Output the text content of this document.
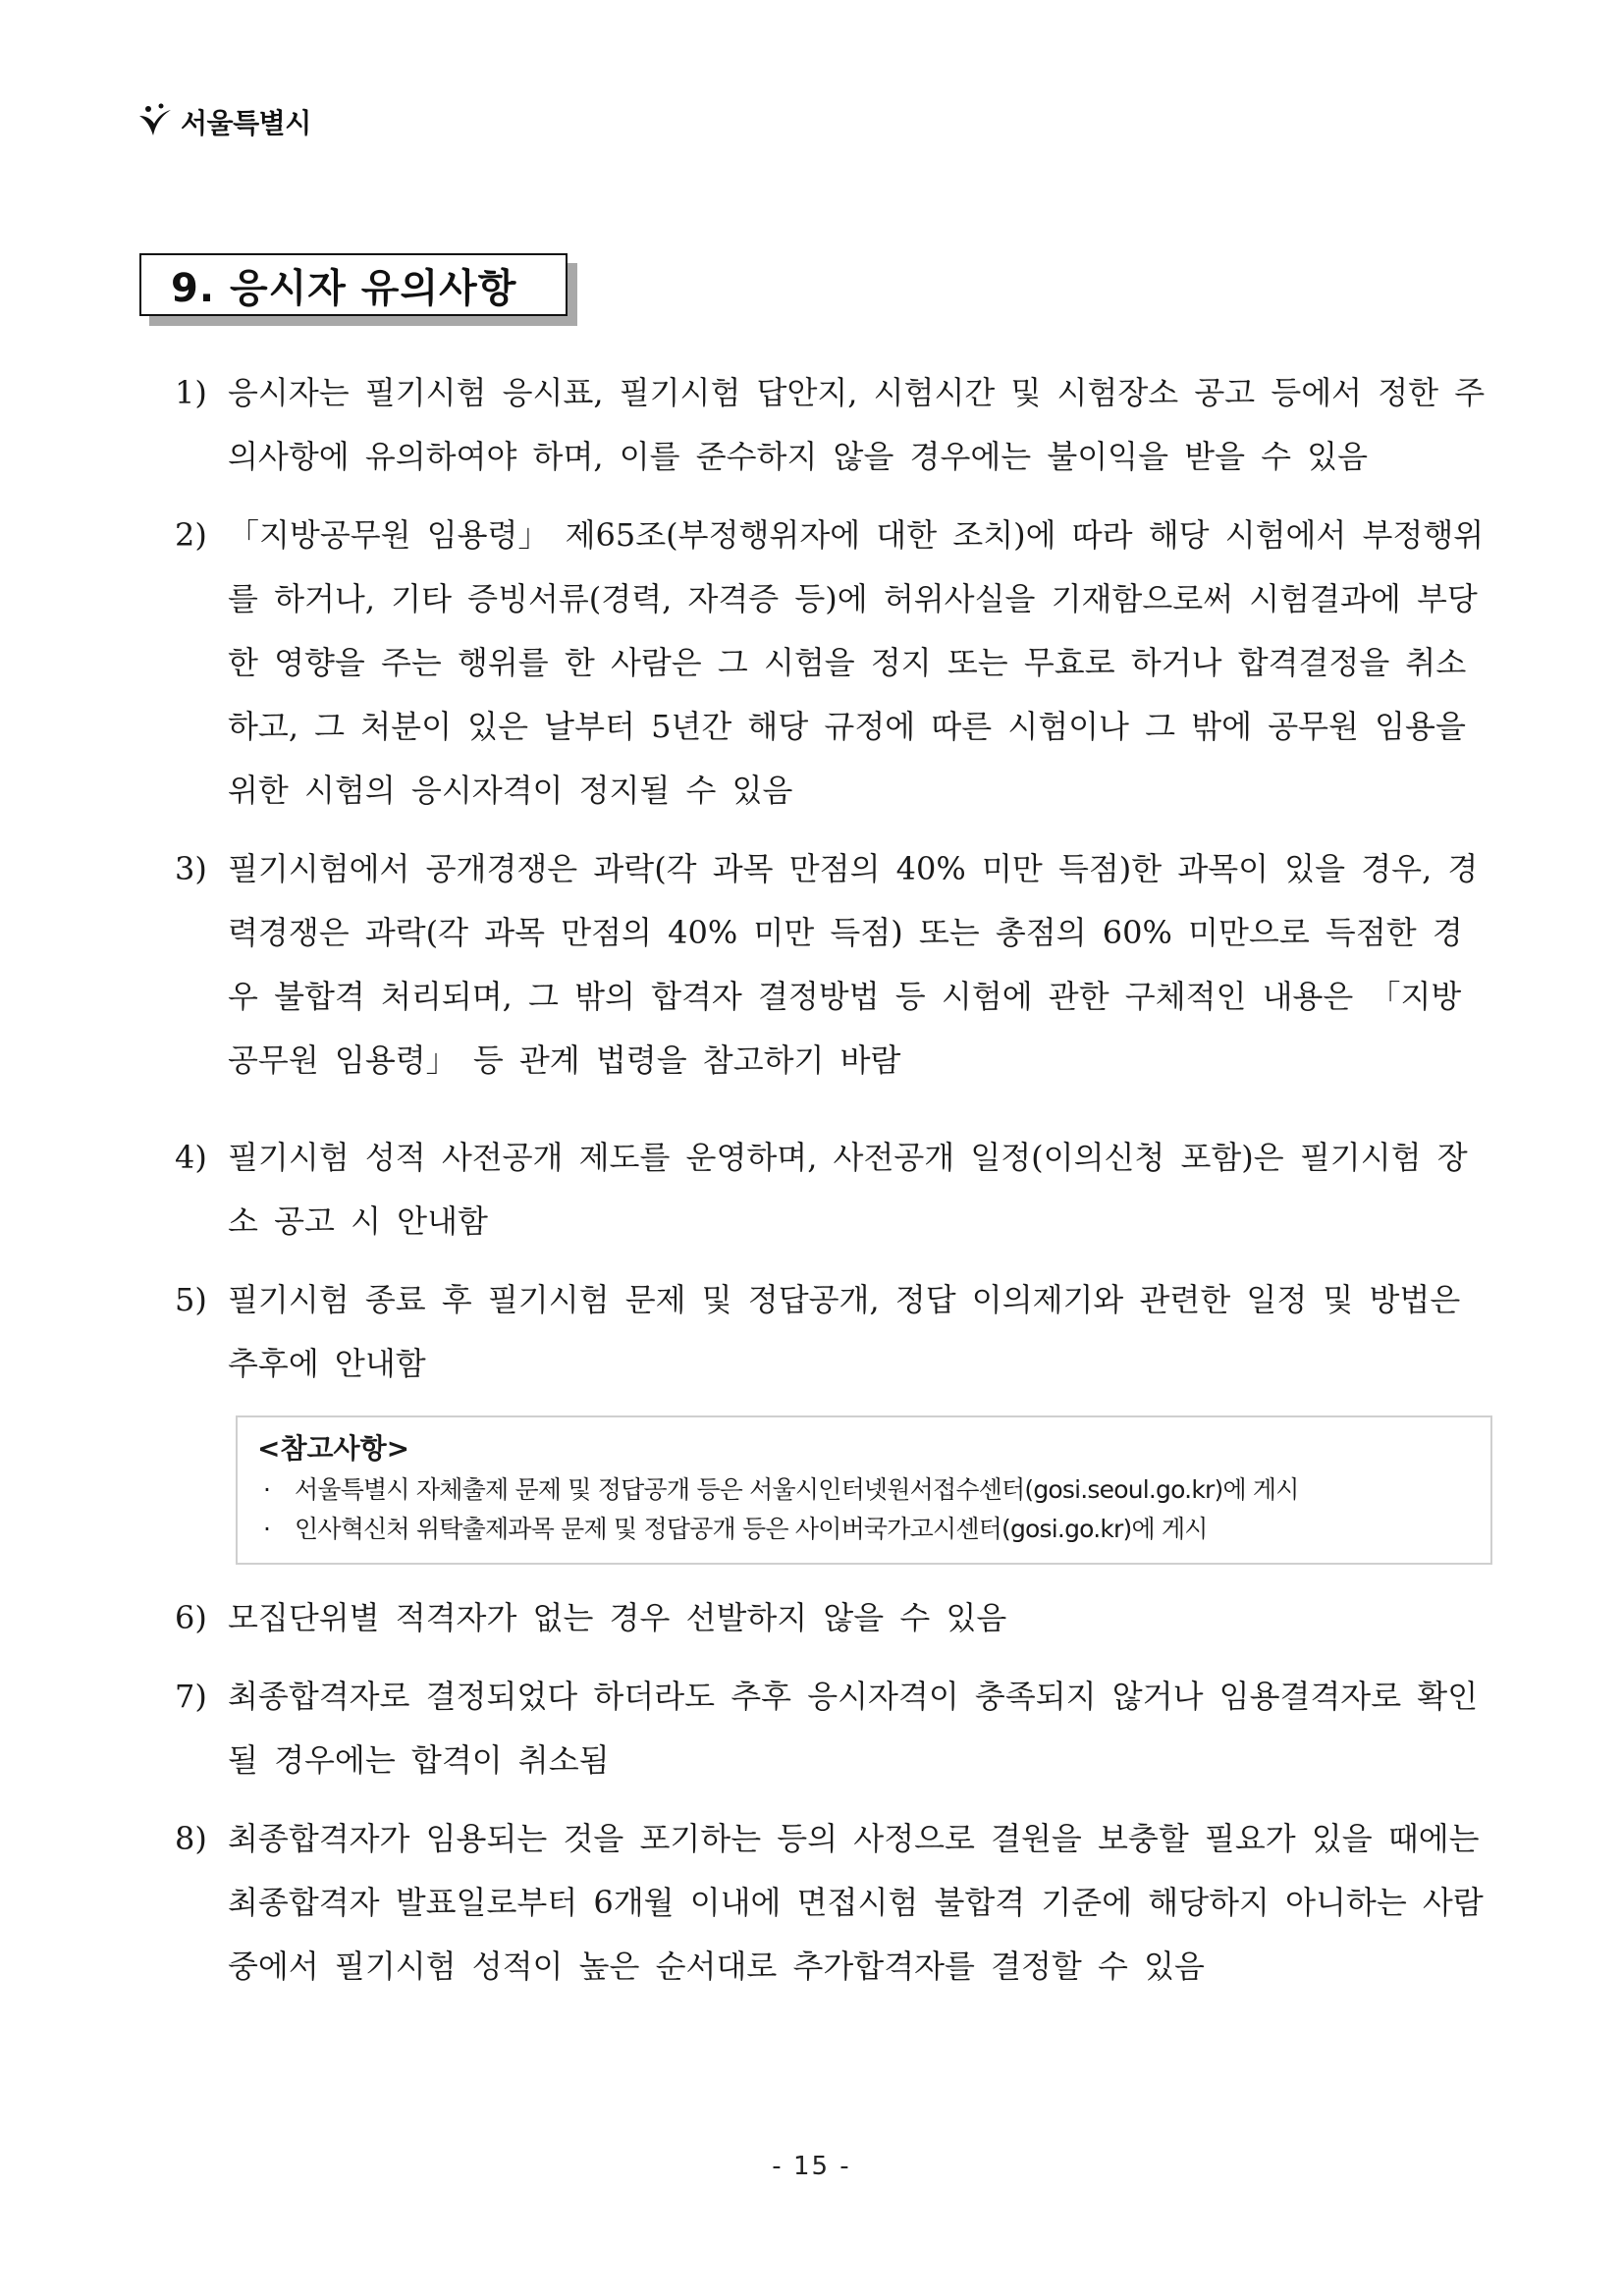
서울특별시
9. 응시자 유의사항
1) 응시자는 필기시험 응시표, 필기시험 답안지, 시험시간 및 시험장소 공고 등에서 정한 주의사항에 유의하여야 하며, 이를 준수하지 않을 경우에는 불이익을 받을 수 있음
2) 「지방공무원 임용령」 제65조(부정행위자에 대한 조치)에 따라 해당 시험에서 부정행위를 하거나, 기타 증빙서류(경력, 자격증 등)에 허위사실을 기재함으로써 시험결과에 부당한 영향을 주는 행위를 한 사람은 그 시험을 정지 또는 무효로 하거나 합격결정을 취소하고, 그 처분이 있은 날부터 5년간 해당 규정에 따른 시험이나 그 밖에 공무원 임용을 위한 시험의 응시자격이 정지될 수 있음
3) 필기시험에서 공개경쟁은 과락(각 과목 만점의 40% 미만 득점)한 과목이 있을 경우, 경력경쟁은 과락(각 과목 만점의 40% 미만 득점) 또는 총점의 60% 미만으로 득점한 경우 불합격 처리되며, 그 밖의 합격자 결정방법 등 시험에 관한 구체적인 내용은 「지방공무원 임용령」 등 관계 법령을 참고하기 바람
4) 필기시험 성적 사전공개 제도를 운영하며, 사전공개 일정(이의신청 포함)은 필기시험 장소 공고 시 안내함
5) 필기시험 종료 후 필기시험 문제 및 정답공개, 정답 이의제기와 관련한 일정 및 방법은 추후에 안내함
<참고사항>
· 서울특별시 자체출제 문제 및 정답공개 등은 서울시인터넷원서접수센터(gosi.seoul.go.kr)에 게시
· 인사혁신처 위탁출제과목 문제 및 정답공개 등은 사이버국가고시센터(gosi.go.kr)에 게시
6) 모집단위별 적격자가 없는 경우 선발하지 않을 수 있음
7) 최종합격자로 결정되었다 하더라도 추후 응시자격이 충족되지 않거나 임용결격자로 확인될 경우에는 합격이 취소됨
8) 최종합격자가 임용되는 것을 포기하는 등의 사정으로 결원을 보충할 필요가 있을 때에는 최종합격자 발표일로부터 6개월 이내에 면접시험 불합격 기준에 해당하지 아니하는 사람 중에서 필기시험 성적이 높은 순서대로 추가합격자를 결정할 수 있음
- 15 -
